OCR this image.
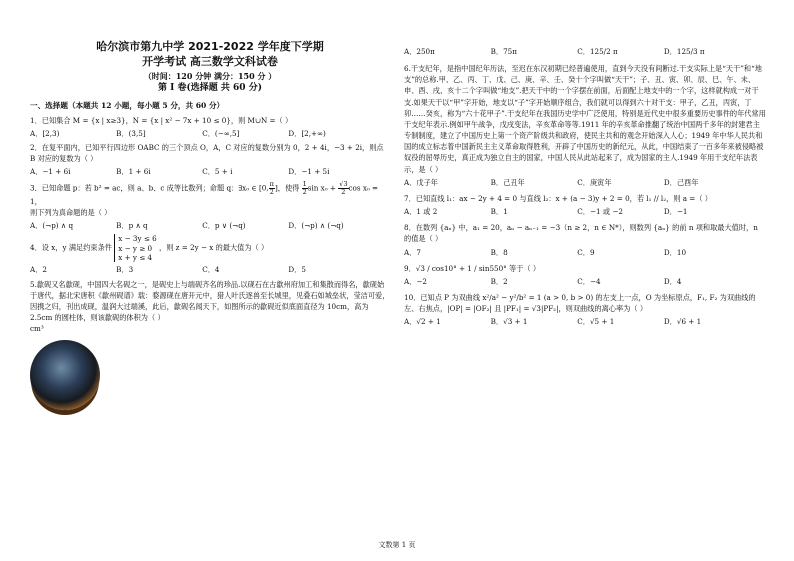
哈尔滨市第九中学 2021-2022 学年度下学期
开学考试 高三数学文科试卷
（时间：120 分钟 满分：150 分 ）
第 I 卷(选择题 共 60 分)
一、选择题（本题共 12 小题，每小题 5 分，共 60 分）
1．已知集合 M = {x | x≥3}，N = {x | x² − 7x + 10 ≤ 0}，则 M∪N =（ ）
A．[2,3)	B．(3,5]	C．(−∞,5]	D．[2,+∞)
2．在复平面内，已知平行四边形 OABC 的三个顶点 O，A，C 对应的复数分别为 0，2 + 4i，−3 + 2i，则点 B 对应的复数为（ ）
A．−1 + 6i	B．1 + 6i	C．5 + i	D．−1 + 5i
3．已知命题 p：若 b² = ac，则 a、b、c 成等比数列；命题 q：∃x₀ ∈ [0, $\frac{\pi}{2}$ ]，使得 $\frac{1}{2}$ $\sin x_0 + \frac{√3}{2}$ cos x₀ = 1，
则下列为真命题的是（ ）
A．(¬p) ∧ q	B．p ∧ q	C．p ∨ (¬q)	D．(¬p) ∧ (¬q)
4．设 x，y 满足约束条件
x − 3y ≤ 6
x − y ≥ 0
x + y ≤ 4
，则 z = 2y − x 的最大值为（ ）
A．2	B．3	C．4	D．5
5.歙砚又名歙砚，中国四大名砚之一，是砚史上与端砚齐名的珍品.以砚石在古歙州府加工和集散而得名，歙砚始于唐代，据北宋唐积《歙州砚谱》载：婺源砚在唐开元中，猎人叶氏逐兽至长城里，见叠石如城垒状，莹洁可爱，因携之归，刊出成砚，温润大过端溪，此后，歙砚名闻天下，如图所示的歙砚近似底面直径为 10cm，高为 2.5cm 的圆柱体，则该歙砚的体积为（ ）
cm³
A．250π	B．75π	C．125/2 π	D．125/3 π
6.干支纪年，是指中国纪年历法，至迟在东汉初期已经普遍使用，直到今天没有间断过.干支实际上是“天干”和“地支”的总称.甲、乙、丙、丁、戊、己、庚、辛、壬、癸十个字叫做“天干”；子、丑、寅、卯、辰、巳、午、未、申、酉、戌、亥十二个字叫做“地支”.把天干中的一个字摆在前面，后面配上地支中的一个字，这样就构成一对干支.如果天干以“甲”字开始，地支以“子”字开始顺序组合，我们就可以得到六十对干支：甲子，乙丑，丙寅，丁卯……癸亥，称为“六十花甲子”.干支纪年在我国历史学中广泛使用，特别是近代史中很多重要历史事件的年代常用干支纪年表示.例如甲午战争，戊戌变法，辛亥革命等等.1911 年的辛亥革命推翻了统治中国两千多年的封建君主专制制度，建立了中国历史上第一个资产阶级共和政府，使民主共和的观念开始深入人心；1949 年中华人民共和国的成立标志着中国新民主主义革命取得胜利，开辟了中国历史的新纪元，从此，中国结束了一百多年来被侵略被奴役的屈辱历史，真正成为独立自主的国家，中国人民从此站起来了，成为国家的主人.1949 年用干支纪年法表示，是（ ）
A．戊子年	B．己丑年	C．庚寅年	D．己酉年
7．已知直线 l₁：ax − 2y + 4 = 0 与直线 l₂：x + (a − 3)y + 2 = 0，若 l₁ // l₂，则 a =（ ）
A．1 或 2	B．1	C．−1 或 −2	D．−1
8．在数列 {aₙ} 中，a₁ = 20，aₙ − aₙ₋₁ = −3（n ≥ 2，n ∈ N*），则数列 {aₙ} 的前 n 项和取最大值时，n 的值是（ ）
A．7	B．8	C．9	D．10
9．√3 / cos10° + 1 / sin550° 等于（ ）
A．−2	B．2	C．−4	D．4
10．已知点 P 为双曲线 x²/a² − y²/b² = 1 (a > 0, b > 0) 的左支上一点，O 为坐标原点，F₁, F₂ 为双曲线的左、右焦点，|OP| = |OF₂| 且 |PF₁| = √3|PF₂|，则双曲线的离心率为（ ）
A．√2 + 1	B．√3 + 1	C．√5 + 1	D．√6 + 1
文数第 1 页
